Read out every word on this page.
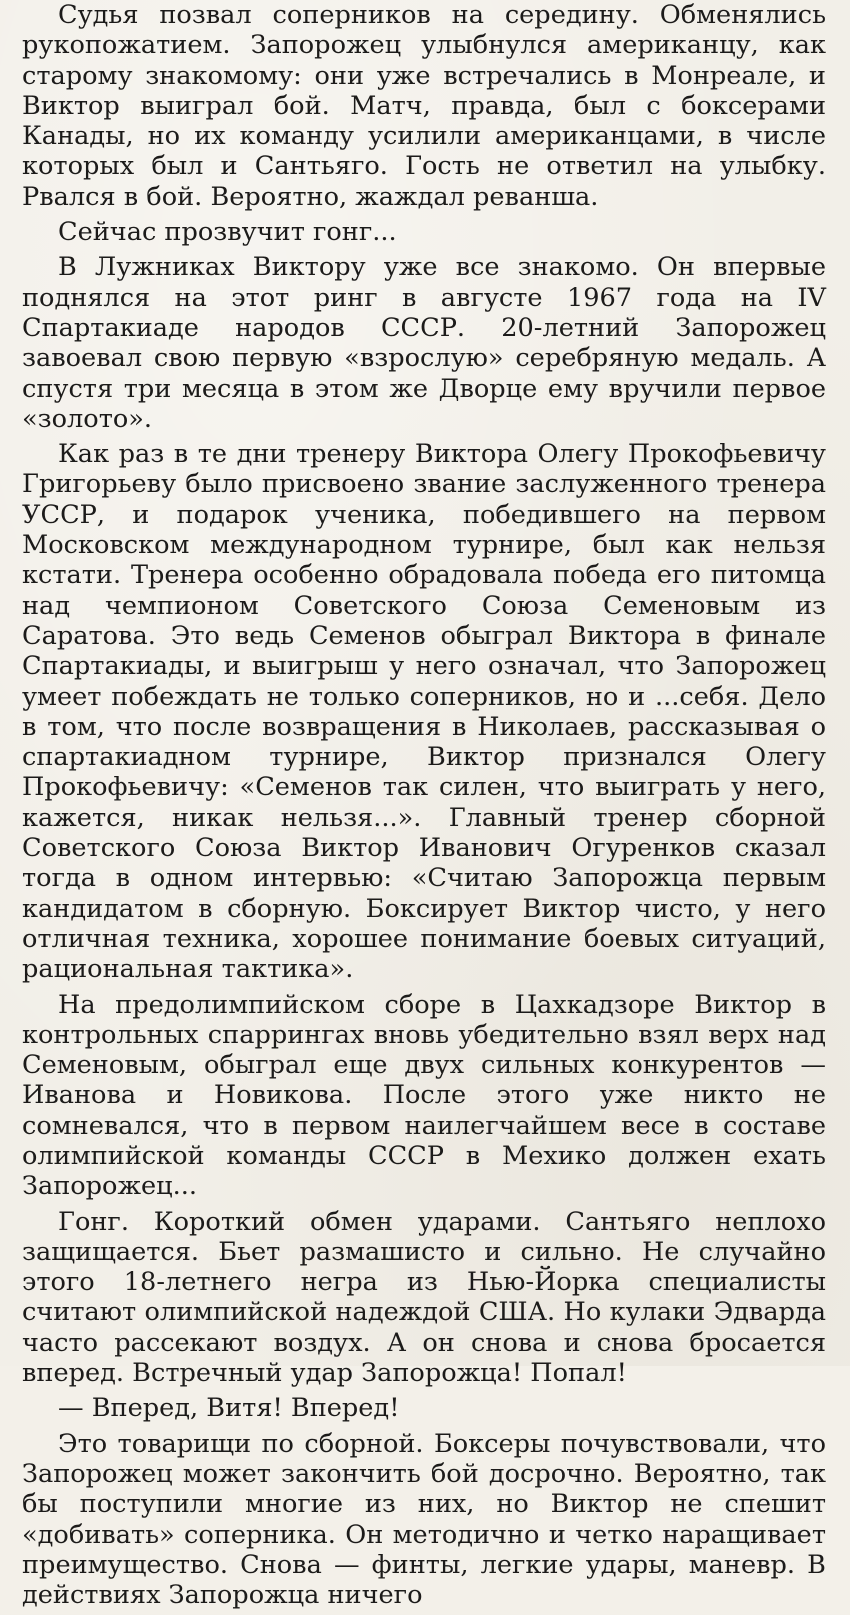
Судья позвал соперников на середину. Обменялись рукопожатием. Запорожец улыбнулся американцу, как старому знакомому: они уже встречались в Монреале, и Виктор выиграл бой. Матч, правда, был с боксерами Канады, но их команду усилили американцами, в числе которых был и Сантьяго. Гость не ответил на улыбку. Рвался в бой. Вероятно, жаждал реванша.

Сейчас прозвучит гонг...

В Лужниках Виктору уже все знакомо. Он впервые поднялся на этот ринг в августе 1967 года на IV Спартакиаде народов СССР. 20-летний Запорожец завоевал свою первую «взрослую» серебряную медаль. А спустя три месяца в этом же Дворце ему вручили первое «золото».

Как раз в те дни тренеру Виктора Олегу Прокофьевичу Григорьеву было присвоено звание заслуженного тренера УССР, и подарок ученика, победившего на первом Московском международном турнире, был как нельзя кстати. Тренера особенно обрадовала победа его питомца над чемпионом Советского Союза Семеновым из Саратова. Это ведь Семенов обыграл Виктора в финале Спартакиады, и выигрыш у него означал, что Запорожец умеет побеждать не только соперников, но и ...себя. Дело в том, что после возвращения в Николаев, рассказывая о спартакиадном турнире, Виктор признался Олегу Прокофьевичу: «Семенов так силен, что выиграть у него, кажется, никак нельзя...». Главный тренер сборной Советского Союза Виктор Иванович Огуренков сказал тогда в одном интервью: «Считаю Запорожца первым кандидатом в сборную. Боксирует Виктор чисто, у него отличная техника, хорошее понимание боевых ситуаций, рациональная тактика».

На предолимпийском сборе в Цахкадзоре Виктор в контрольных спаррингах вновь убедительно взял верх над Семеновым, обыграл еще двух сильных конкурентов — Иванова и Новикова. После этого уже никто не сомневался, что в первом наилегчайшем весе в составе олимпийской команды СССР в Мехико должен ехать Запорожец...

Гонг. Короткий обмен ударами. Сантьяго неплохо защищается. Бьет размашисто и сильно. Не случайно этого 18-летнего негра из Нью-Йорка специалисты считают олимпийской надеждой США. Но кулаки Эдварда часто рассекают воздух. А он снова и снова бросается вперед. Встречный удар Запорожца! Попал!

— Вперед, Витя! Вперед!

Это товарищи по сборной. Боксеры почувствовали, что Запорожец может закончить бой досрочно. Вероятно, так бы поступили многие из них, но Виктор не спешит «добивать» соперника. Он методично и четко наращивает преимущество. Снова — финты, легкие удары, маневр. В действиях Запорожца ничего
